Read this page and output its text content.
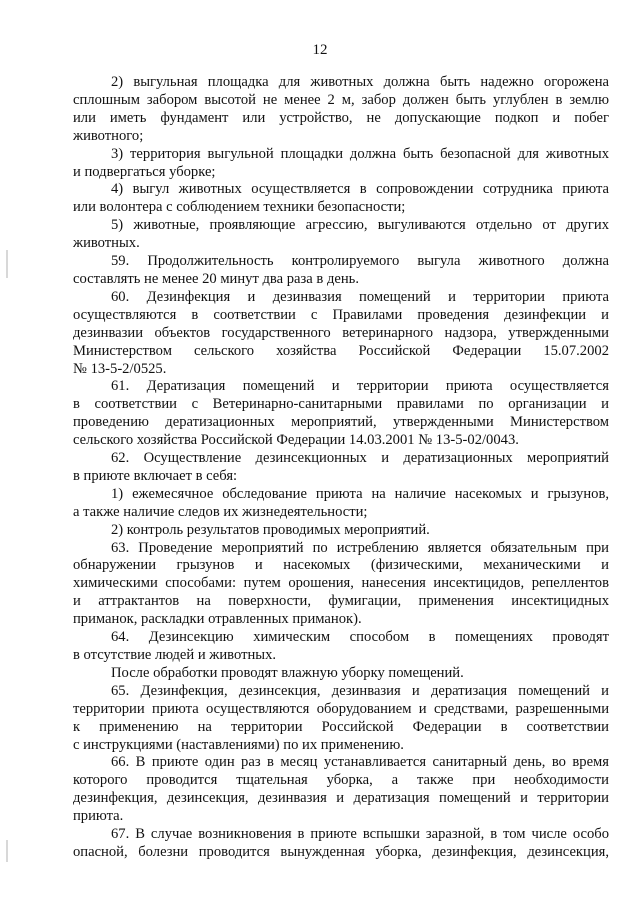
12

2) выгульная площадка для животных должна быть надежно огорожена
сплошным забором высотой не менее 2 м, забор должен быть углублен в землю
или иметь фундамент или устройство, не допускающие подкоп и побег
животного;

3) территория выгульной площадки должна быть безопасной для животных
и подвергаться уборке;

4) выгул животных осуществляется в сопровождении сотрудника приюта
или волонтера с соблюдением техники безопасности;

5) животные, проявляющие агрессию, выгуливаются отдельно от других
животных.

59. Продолжительность контролируемого выгула животного должна
составлять не менее 20 минут два раза в день.

60. Дезинфекция и дезинвазия помещений и территории приюта
осуществляются в соответствии с Правилами проведения дезинфекции и
дезинвазии объектов государственного ветеринарного надзора, утвержденными
Министерством сельского хозяйства Российской Федерации 15.07.2002
№ 13-5-2/0525.

61. Дератизация помещений и территории приюта осуществляется
в соответствии с Ветеринарно-санитарными правилами по организации и
проведению дератизационных мероприятий, утвержденными Министерством
сельского хозяйства Российской Федерации 14.03.2001 № 13-5-02/0043.

62. Осуществление дезинсекционных и дератизационных мероприятий
в приюте включает в себя:

1) ежемесячное обследование приюта на наличие насекомых и грызунов,
а также наличие следов их жизнедеятельности;

2) контроль результатов проводимых мероприятий.

63. Проведение мероприятий по истреблению является обязательным при
обнаружении грызунов и насекомых (физическими, механическими и
химическими способами: путем орошения, нанесения инсектицидов, репеллентов
и аттрактантов на поверхности, фумигации, применения инсектицидных
приманок, раскладки отравленных приманок).

64. Дезинсекцию химическим способом в помещениях проводят
в отсутствие людей и животных.

После обработки проводят влажную уборку помещений.

65. Дезинфекция, дезинсекция, дезинвазия и дератизация помещений и
территории приюта осуществляются оборудованием и средствами, разрешенными
к применению на территории Российской Федерации в соответствии
с инструкциями (наставлениями) по их применению.

66. В приюте один раз в месяц устанавливается санитарный день, во время
которого проводится тщательная уборка, а также при необходимости
дезинфекция, дезинсекция, дезинвазия и дератизация помещений и территории
приюта.

67. В случае возникновения в приюте вспышки заразной, в том числе особо
опасной, болезни проводится вынужденная уборка, дезинфекция, дезинсекция,
